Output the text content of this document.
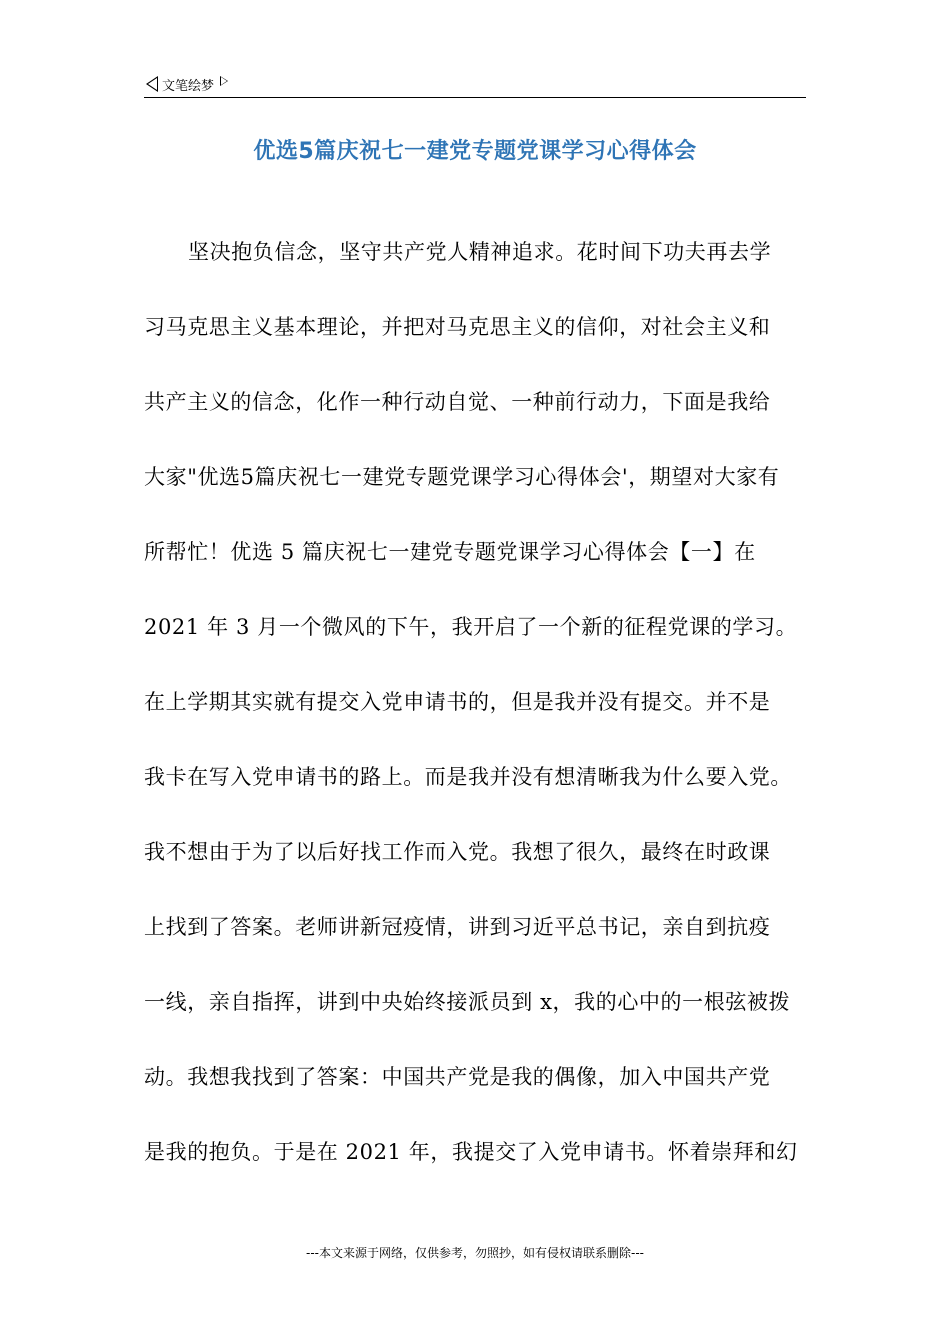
文笔绘梦
优选5篇庆祝七一建党专题党课学习心得体会
坚决抱负信念，坚守共产党人精神追求。花时间下功夫再去学
习马克思主义基本理论，并把对马克思主义的信仰，对社会主义和
共产主义的信念，化作一种行动自觉、一种前行动力，下面是我给
大家"优选5篇庆祝七一建党专题党课学习心得体会'，期望对大家有
所帮忙！优选 5 篇庆祝七一建党专题党课学习心得体会【一】在
2021 年 3 月一个微风的下午，我开启了一个新的征程党课的学习。
在上学期其实就有提交入党申请书的，但是我并没有提交。并不是
我卡在写入党申请书的路上。而是我并没有想清晰我为什么要入党。
我不想由于为了以后好找工作而入党。我想了很久，最终在时政课
上找到了答案。老师讲新冠疫情，讲到习近平总书记，亲自到抗疫
一线，亲自指挥，讲到中央始终接派员到 x，我的心中的一根弦被拨
动。我想我找到了答案：中国共产党是我的偶像，加入中国共产党
是我的抱负。于是在 2021 年，我提交了入党申请书。怀着崇拜和幻
---本文来源于网络，仅供参考，勿照抄，如有侵权请联系删除---
